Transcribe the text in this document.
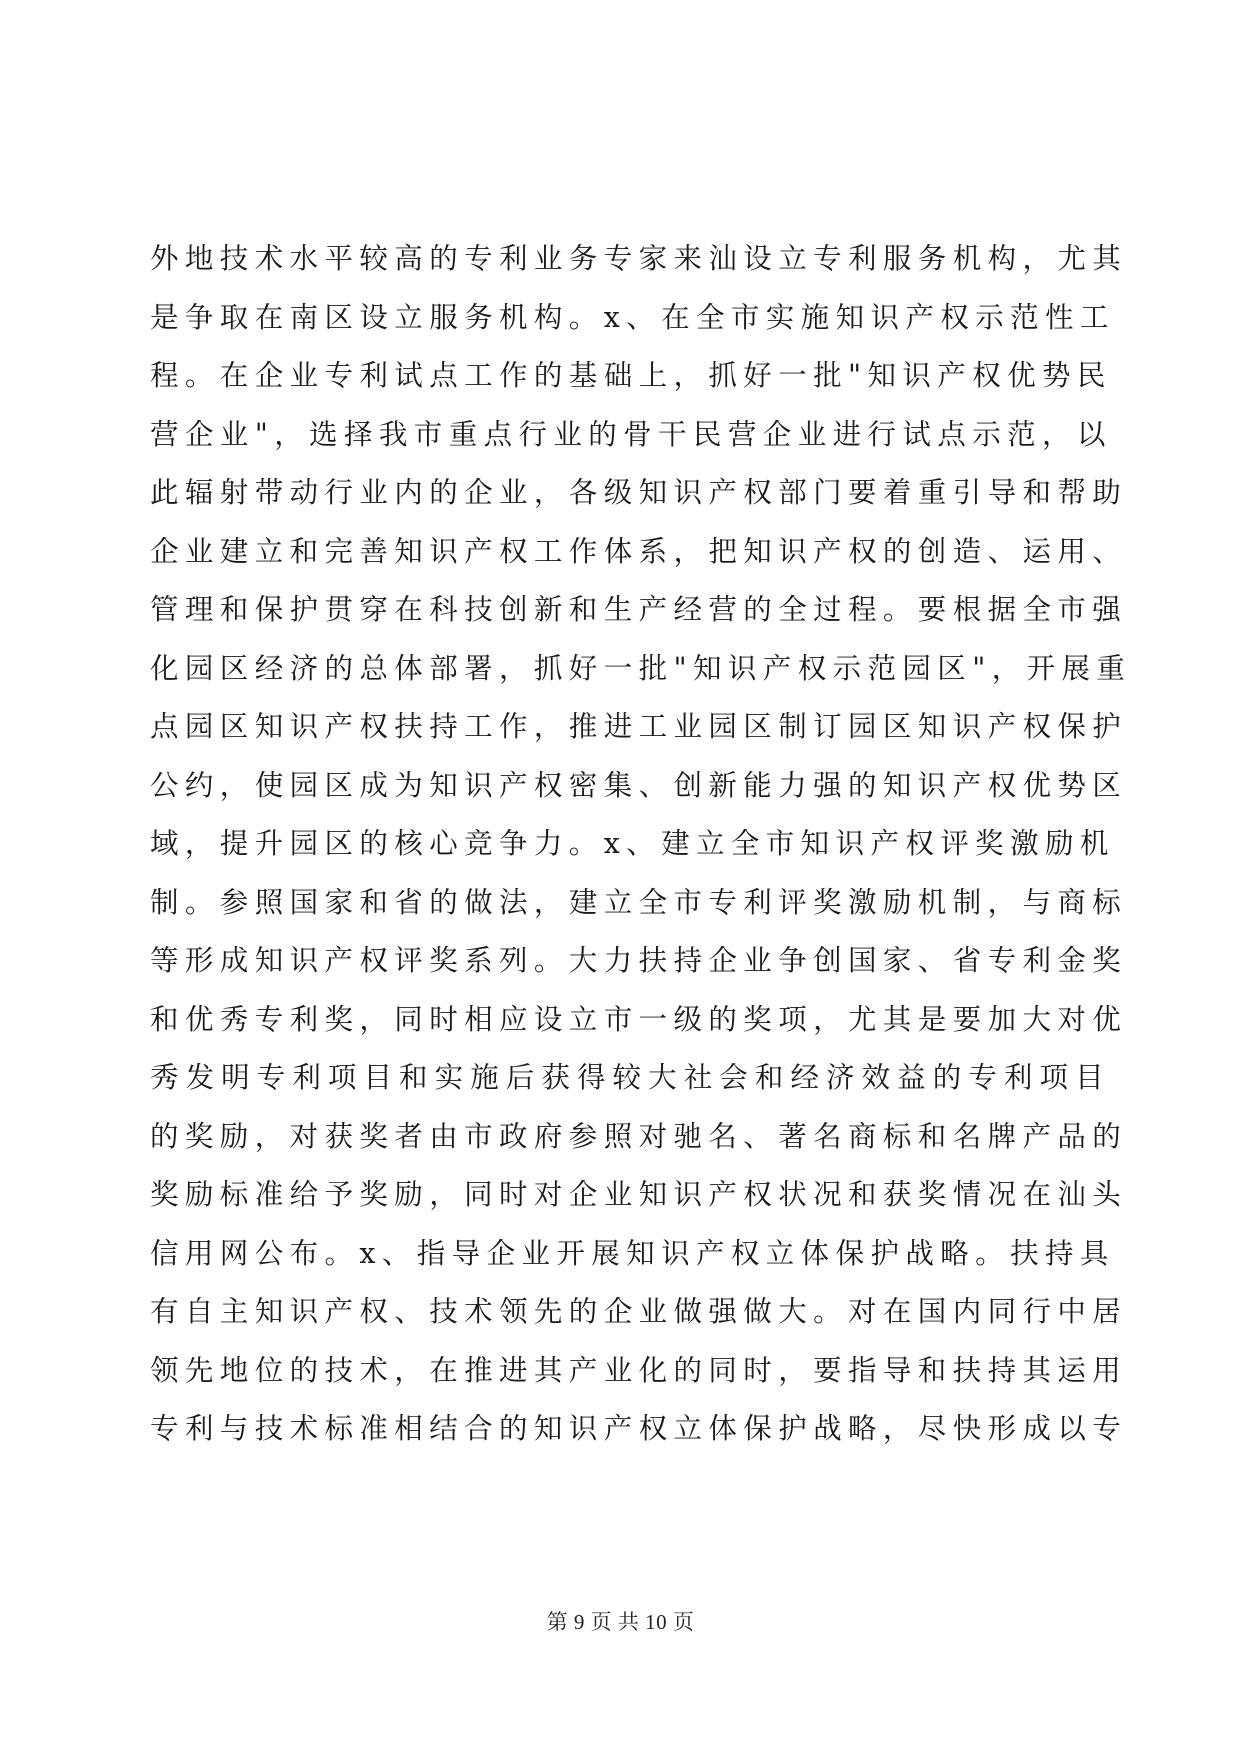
外地技术水平较高的专利业务专家来汕设立专利服务机构，尤其
是争取在南区设立服务机构。x、在全市实施知识产权示范性工
程。在企业专利试点工作的基础上，抓好一批"知识产权优势民
营企业"，选择我市重点行业的骨干民营企业进行试点示范，以
此辐射带动行业内的企业，各级知识产权部门要着重引导和帮助
企业建立和完善知识产权工作体系，把知识产权的创造、运用、
管理和保护贯穿在科技创新和生产经营的全过程。要根据全市强
化园区经济的总体部署，抓好一批"知识产权示范园区"，开展重
点园区知识产权扶持工作，推进工业园区制订园区知识产权保护
公约，使园区成为知识产权密集、创新能力强的知识产权优势区
域，提升园区的核心竞争力。x、建立全市知识产权评奖激励机
制。参照国家和省的做法，建立全市专利评奖激励机制，与商标
等形成知识产权评奖系列。大力扶持企业争创国家、省专利金奖
和优秀专利奖，同时相应设立市一级的奖项，尤其是要加大对优
秀发明专利项目和实施后获得较大社会和经济效益的专利项目
的奖励，对获奖者由市政府参照对驰名、著名商标和名牌产品的
奖励标准给予奖励，同时对企业知识产权状况和获奖情况在汕头
信用网公布。x、指导企业开展知识产权立体保护战略。扶持具
有自主知识产权、技术领先的企业做强做大。对在国内同行中居
领先地位的技术，在推进其产业化的同时，要指导和扶持其运用
专利与技术标准相结合的知识产权立体保护战略，尽快形成以专
第 9 页 共 10 页
